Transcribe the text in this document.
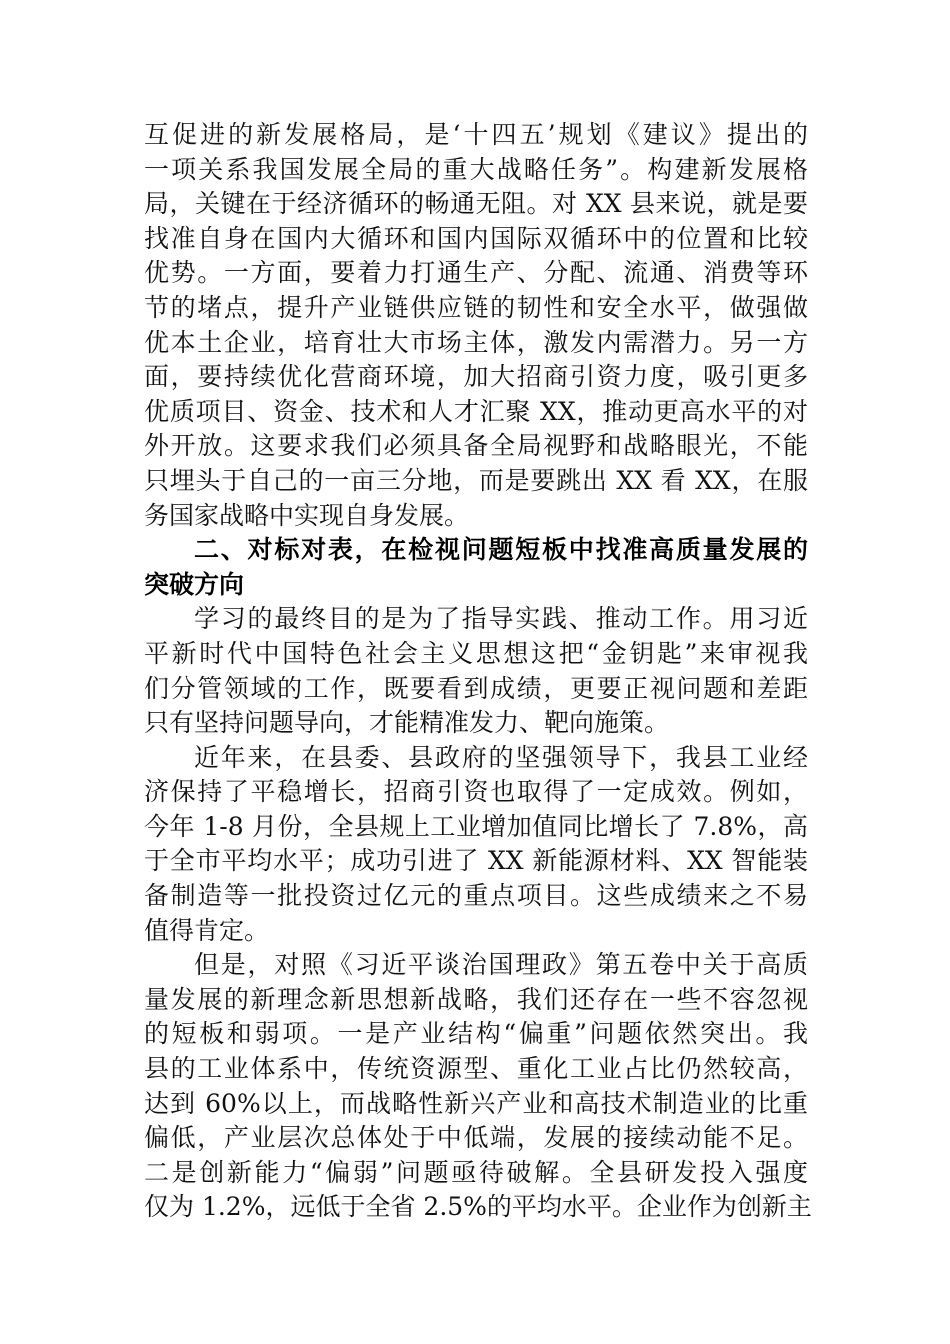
互促进的新发展格局，是‘十四五’规划《建议》提出的
一项关系我国发展全局的重大战略任务”。构建新发展格
局，关键在于经济循环的畅通无阻。对 XX 县来说，就是要
找准自身在国内大循环和国内国际双循环中的位置和比较
优势。一方面，要着力打通生产、分配、流通、消费等环
节的堵点，提升产业链供应链的韧性和安全水平，做强做
优本土企业，培育壮大市场主体，激发内需潜力。另一方
面，要持续优化营商环境，加大招商引资力度，吸引更多
优质项目、资金、技术和人才汇聚 XX，推动更高水平的对
外开放。这要求我们必须具备全局视野和战略眼光，不能
只埋头于自己的一亩三分地，而是要跳出 XX 看 XX，在服
务国家战略中实现自身发展。
二、对标对表，在检视问题短板中找准高质量发展的
突破方向
学习的最终目的是为了指导实践、推动工作。用习近
平新时代中国特色社会主义思想这把“金钥匙”来审视我
们分管领域的工作，既要看到成绩，更要正视问题和差距
只有坚持问题导向，才能精准发力、靶向施策。
近年来，在县委、县政府的坚强领导下，我县工业经
济保持了平稳增长，招商引资也取得了一定成效。例如，
今年 1-8 月份，全县规上工业增加值同比增长了 7.8%，高
于全市平均水平；成功引进了 XX 新能源材料、XX 智能装
备制造等一批投资过亿元的重点项目。这些成绩来之不易
值得肯定。
但是，对照《习近平谈治国理政》第五卷中关于高质
量发展的新理念新思想新战略，我们还存在一些不容忽视
的短板和弱项。一是产业结构“偏重”问题依然突出。我
县的工业体系中，传统资源型、重化工业占比仍然较高，
达到 60%以上，而战略性新兴产业和高技术制造业的比重
偏低，产业层次总体处于中低端，发展的接续动能不足。
二是创新能力“偏弱”问题亟待破解。全县研发投入强度
仅为 1.2%，远低于全省 2.5%的平均水平。企业作为创新主
